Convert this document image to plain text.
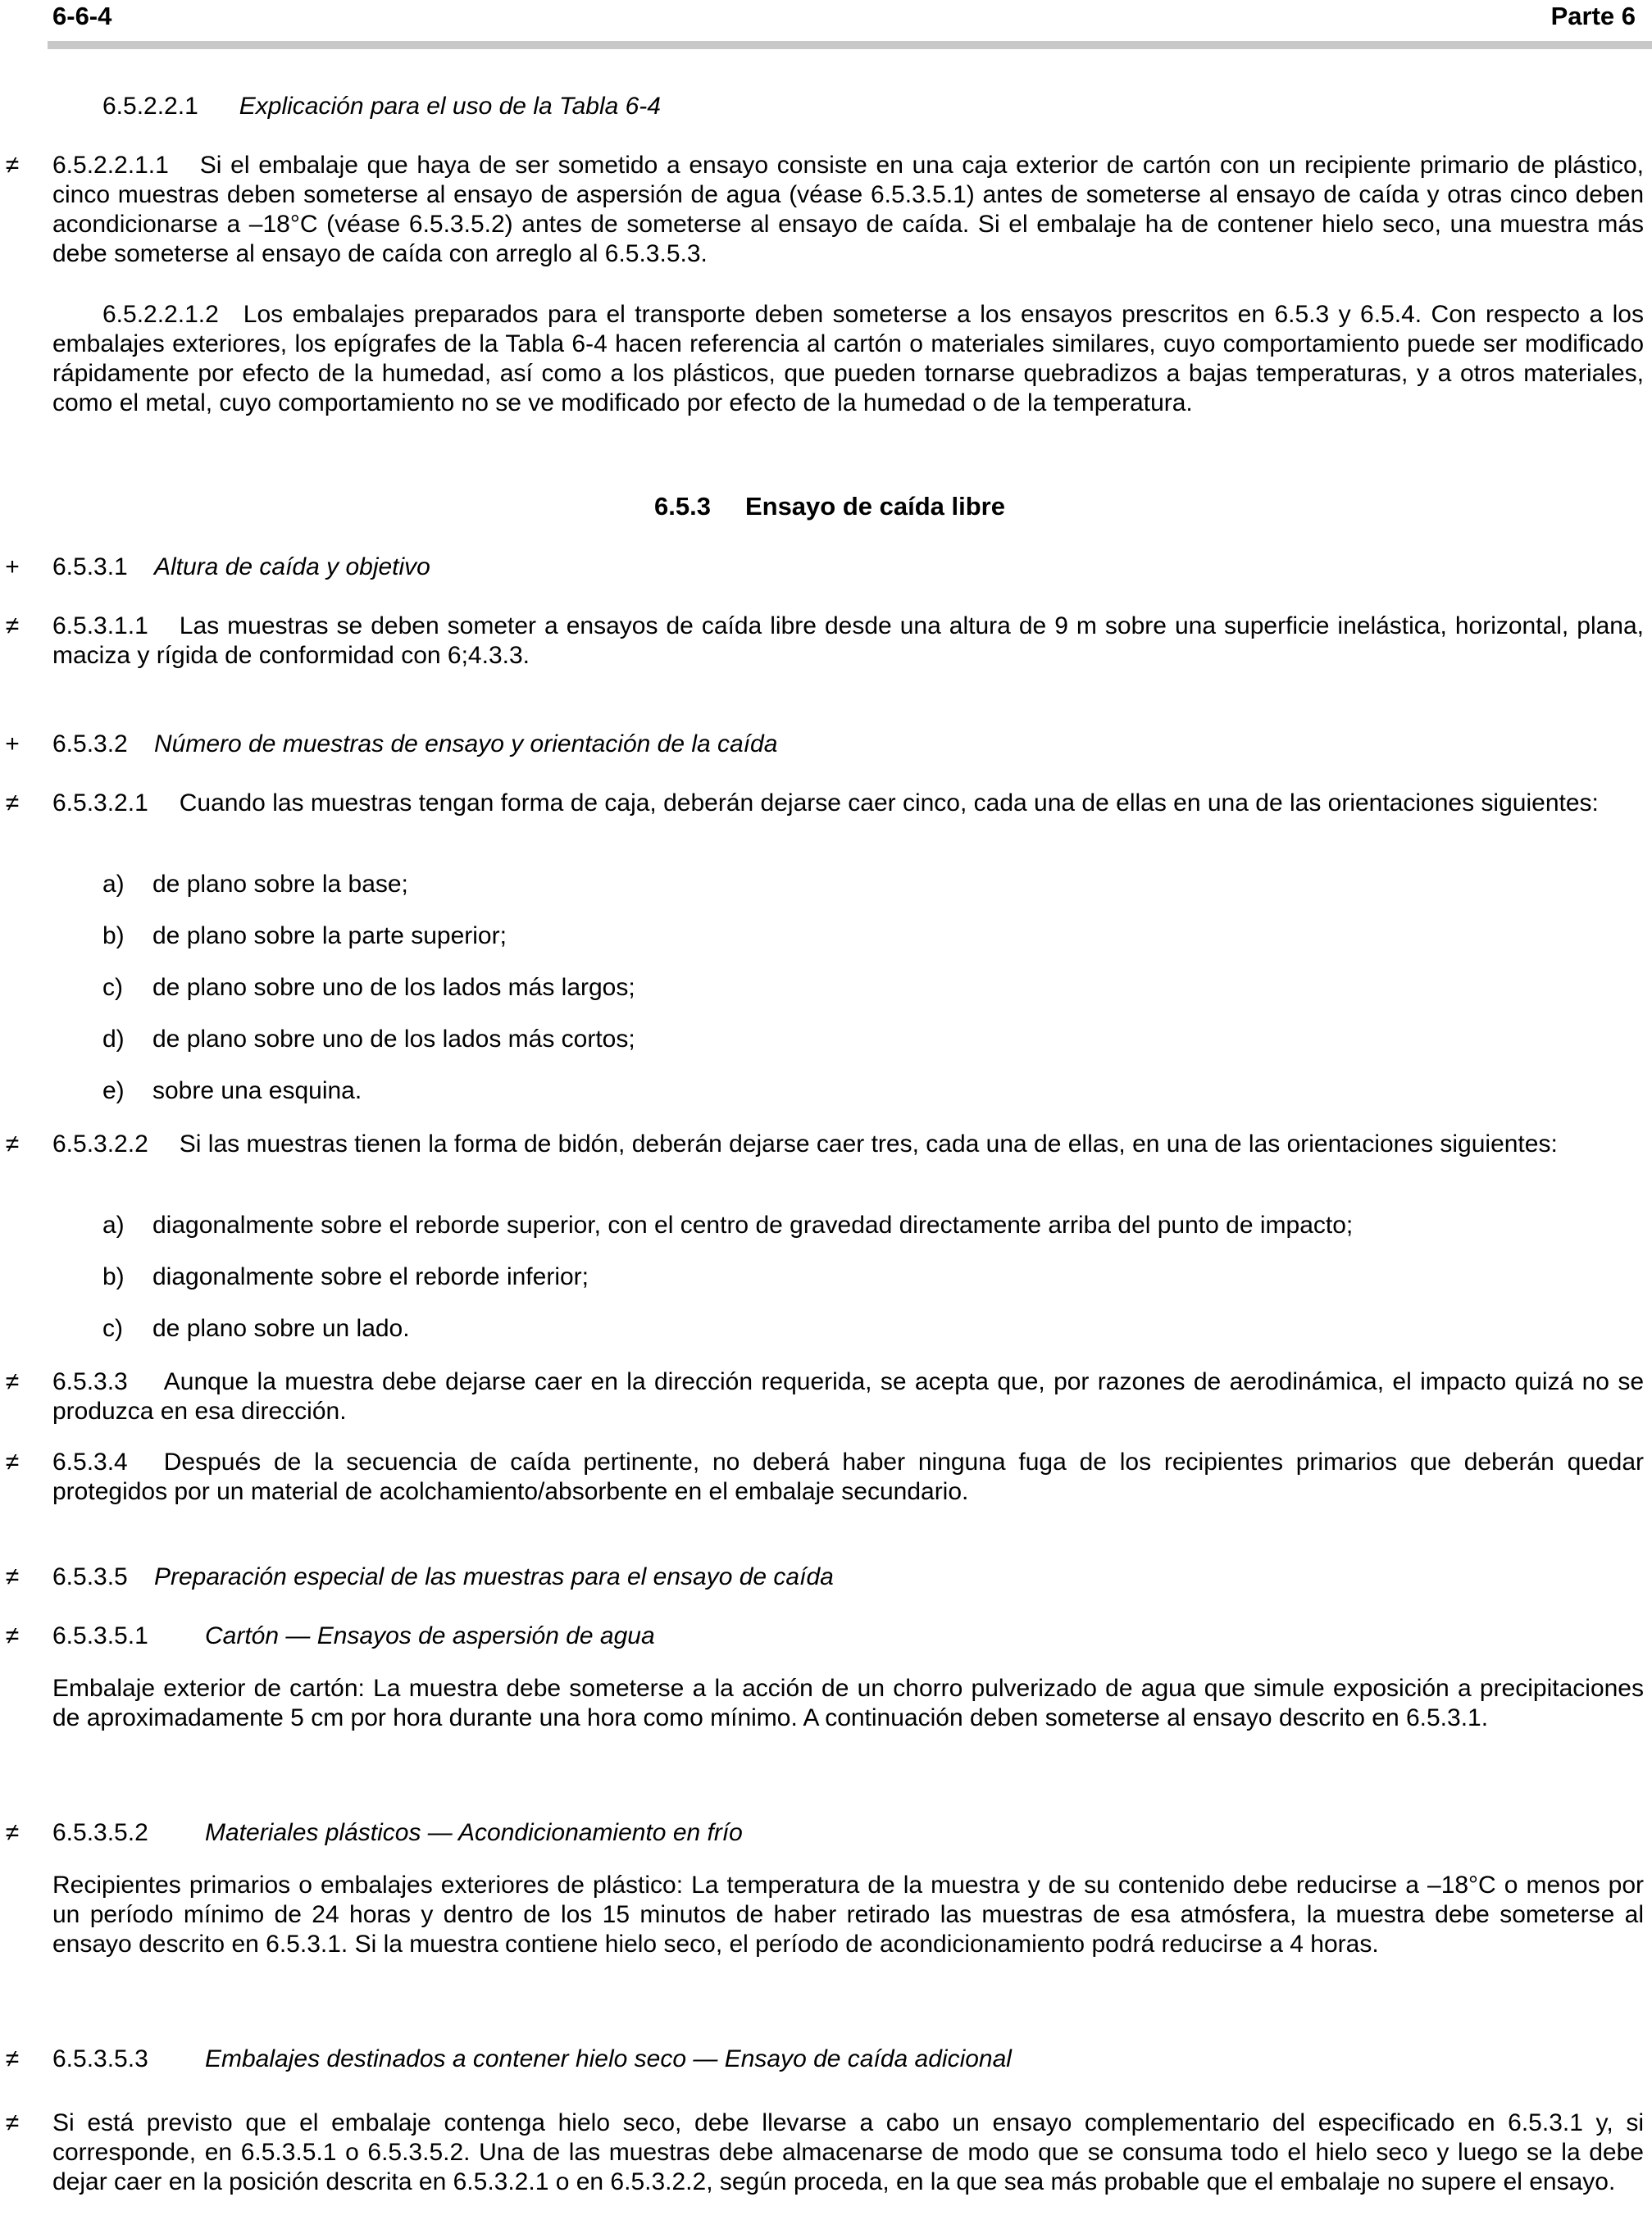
6-6-4	Parte 6
6.5.2.2.1 Explicación para el uso de la Tabla 6-4
≠ 6.5.2.2.1.1 Si el embalaje que haya de ser sometido a ensayo consiste en una caja exterior de cartón con un recipiente primario de plástico, cinco muestras deben someterse al ensayo de aspersión de agua (véase 6.5.3.5.1) antes de someterse al ensayo de caída y otras cinco deben acondicionarse a –18°C (véase 6.5.3.5.2) antes de someterse al ensayo de caída. Si el embalaje ha de contener hielo seco, una muestra más debe someterse al ensayo de caída con arreglo al 6.5.3.5.3.
6.5.2.2.1.2 Los embalajes preparados para el transporte deben someterse a los ensayos prescritos en 6.5.3 y 6.5.4. Con respecto a los embalajes exteriores, los epígrafes de la Tabla 6-4 hacen referencia al cartón o materiales similares, cuyo comportamiento puede ser modificado rápidamente por efecto de la humedad, así como a los plásticos, que pueden tornarse quebradizos a bajas temperaturas, y a otros materiales, como el metal, cuyo comportamiento no se ve modificado por efecto de la humedad o de la temperatura.
6.5.3 Ensayo de caída libre
+ 6.5.3.1 Altura de caída y objetivo
≠ 6.5.3.1.1 Las muestras se deben someter a ensayos de caída libre desde una altura de 9 m sobre una superficie inelástica, horizontal, plana, maciza y rígida de conformidad con 6;4.3.3.
+ 6.5.3.2 Número de muestras de ensayo y orientación de la caída
≠ 6.5.3.2.1 Cuando las muestras tengan forma de caja, deberán dejarse caer cinco, cada una de ellas en una de las orientaciones siguientes:
a) de plano sobre la base;
b) de plano sobre la parte superior;
c) de plano sobre uno de los lados más largos;
d) de plano sobre uno de los lados más cortos;
e) sobre una esquina.
≠ 6.5.3.2.2 Si las muestras tienen la forma de bidón, deberán dejarse caer tres, cada una de ellas, en una de las orientaciones siguientes:
a) diagonalmente sobre el reborde superior, con el centro de gravedad directamente arriba del punto de impacto;
b) diagonalmente sobre el reborde inferior;
c) de plano sobre un lado.
≠ 6.5.3.3 Aunque la muestra debe dejarse caer en la dirección requerida, se acepta que, por razones de aerodinámica, el impacto quizá no se produzca en esa dirección.
≠ 6.5.3.4 Después de la secuencia de caída pertinente, no deberá haber ninguna fuga de los recipientes primarios que deberán quedar protegidos por un material de acolchamiento/absorbente en el embalaje secundario.
≠ 6.5.3.5 Preparación especial de las muestras para el ensayo de caída
≠ 6.5.3.5.1 Cartón — Ensayos de aspersión de agua
Embalaje exterior de cartón: La muestra debe someterse a la acción de un chorro pulverizado de agua que simule exposición a precipitaciones de aproximadamente 5 cm por hora durante una hora como mínimo. A continuación deben someterse al ensayo descrito en 6.5.3.1.
≠ 6.5.3.5.2 Materiales plásticos — Acondicionamiento en frío
Recipientes primarios o embalajes exteriores de plástico: La temperatura de la muestra y de su contenido debe reducirse a –18°C o menos por un período mínimo de 24 horas y dentro de los 15 minutos de haber retirado las muestras de esa atmósfera, la muestra debe someterse al ensayo descrito en 6.5.3.1. Si la muestra contiene hielo seco, el período de acondicionamiento podrá reducirse a 4 horas.
≠ 6.5.3.5.3 Embalajes destinados a contener hielo seco — Ensayo de caída adicional
≠ Si está previsto que el embalaje contenga hielo seco, debe llevarse a cabo un ensayo complementario del especificado en 6.5.3.1 y, si corresponde, en 6.5.3.5.1 o 6.5.3.5.2. Una de las muestras debe almacenarse de modo que se consuma todo el hielo seco y luego se la debe dejar caer en la posición descrita en 6.5.3.2.1 o en 6.5.3.2.2, según proceda, en la que sea más probable que el embalaje no supere el ensayo.
